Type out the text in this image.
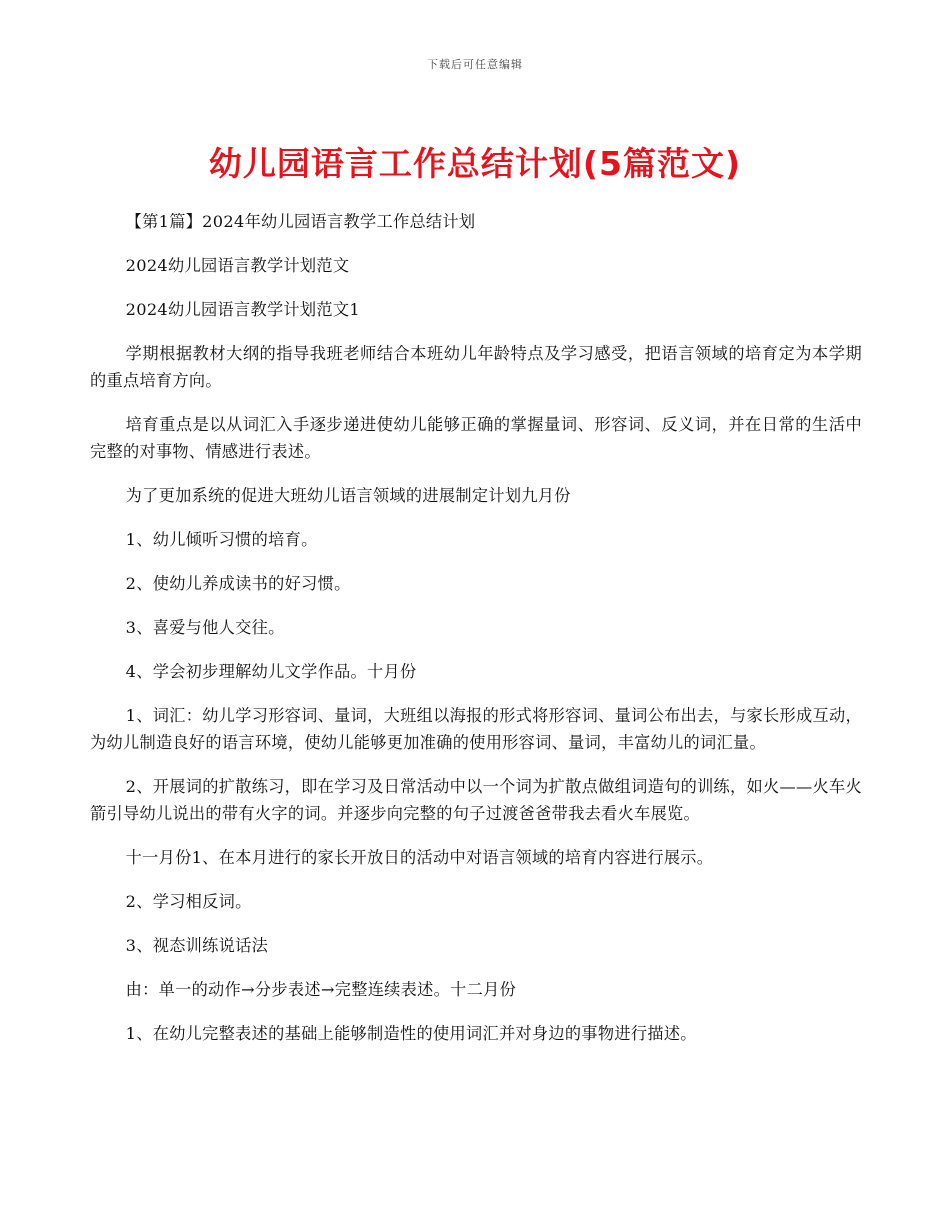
下载后可任意编辑
幼儿园语言工作总结计划(5篇范文)

【第1篇】2024年幼儿园语言教学工作总结计划

2024幼儿园语言教学计划范文

2024幼儿园语言教学计划范文1

学期根据教材大纲的指导我班老师结合本班幼儿年龄特点及学习感受，把语言领域的培育定为本学期的重点培育方向。

培育重点是以从词汇入手逐步递进使幼儿能够正确的掌握量词、形容词、反义词，并在日常的生活中完整的对事物、情感进行表述。

为了更加系统的促进大班幼儿语言领域的进展制定计划九月份

1、幼儿倾听习惯的培育。

2、使幼儿养成读书的好习惯。

3、喜爱与他人交往。

4、学会初步理解幼儿文学作品。十月份

1、词汇：幼儿学习形容词、量词，大班组以海报的形式将形容词、量词公布出去，与家长形成互动，为幼儿制造良好的语言环境，使幼儿能够更加准确的使用形容词、量词，丰富幼儿的词汇量。

2、开展词的扩散练习，即在学习及日常活动中以一个词为扩散点做组词造句的训练，如火——火车火箭引导幼儿说出的带有火字的词。并逐步向完整的句子过渡爸爸带我去看火车展览。

十一月份1、在本月进行的家长开放日的活动中对语言领域的培育内容进行展示。

2、学习相反词。

3、视态训练说话法

由：单一的动作→分步表述→完整连续表述。十二月份

1、在幼儿完整表述的基础上能够制造性的使用词汇并对身边的事物进行描述。
